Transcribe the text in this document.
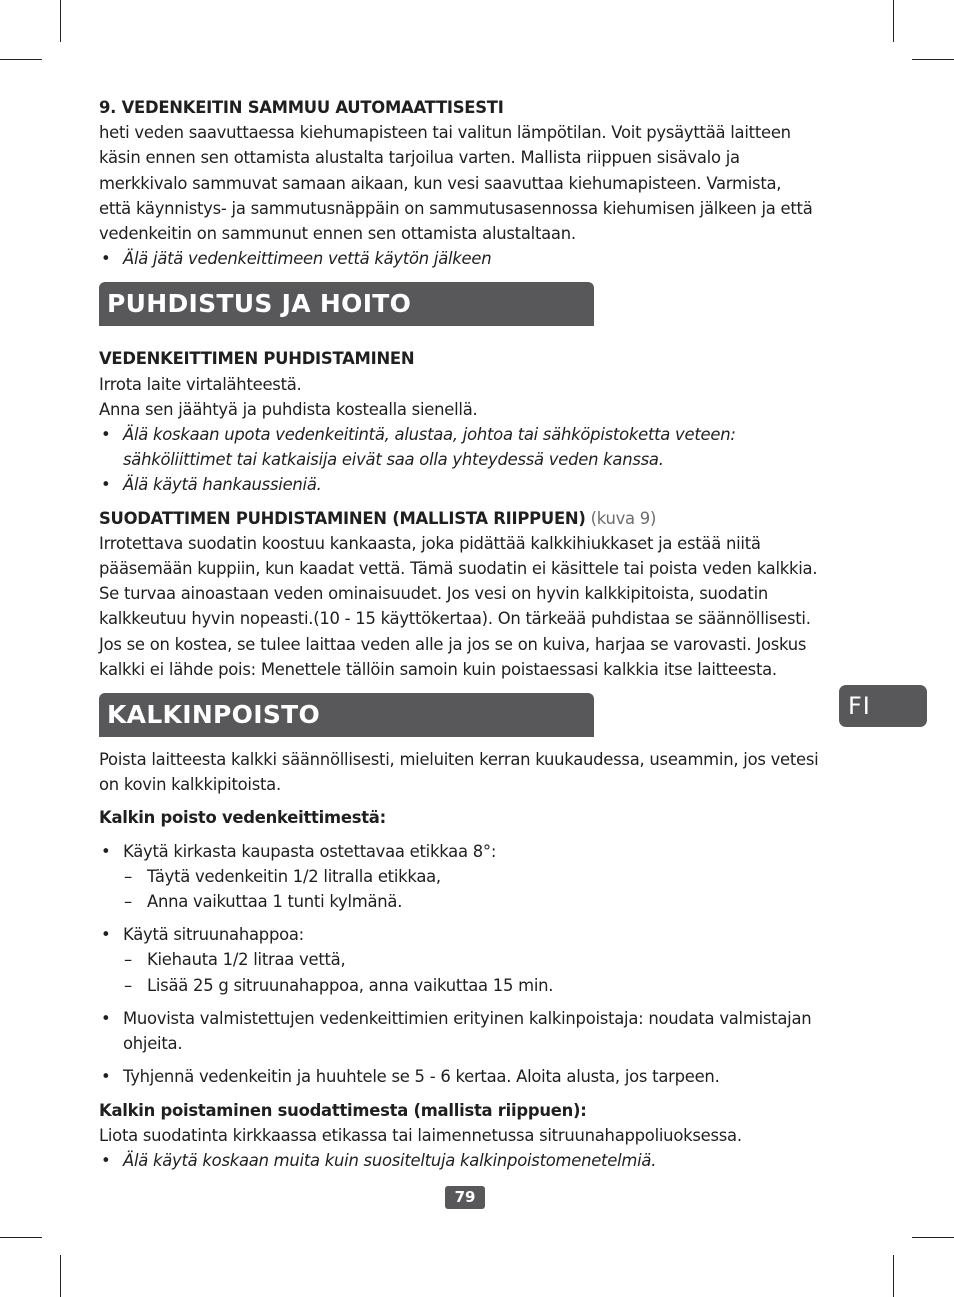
9. VEDENKEITIN SAMMUU AUTOMAATTISESTI

heti veden saavuttaessa kiehumapisteen tai valitun lämpötilan. Voit pysäyttää laitteen

käsin ennen sen ottamista alustalta tarjoilua varten. Mallista riippuen sisävalo ja

merkkivalo sammuvat samaan aikaan, kun vesi saavuttaa kiehumapisteen. Varmista,

että käynnistys- ja sammutusnäppäin on sammutusasennossa kiehumisen jälkeen ja että

vedenkeitin on sammunut ennen sen ottamista alustaltaan.

• Älä jätä vedenkeittimeen vettä käytön jälkeen
PUHDISTUS JA HOITO

VEDENKEITTIMEN PUHDISTAMINEN

Irrota laite virtalähteestä.

Anna sen jäähtyä ja puhdista kostealla sienellä.

• Älä koskaan upota vedenkeitintä, alustaa, johtoa tai sähköpistoketta veteen:
sähköliittimet tai katkaisija eivät saa olla yhteydessä veden kanssa.
• Älä käytä hankaussieniä.

SUODATTIMEN PUHDISTAMINEN (MALLISTA RIIPPUEN) (kuva 9)

Irrotettava suodatin koostuu kankaasta, joka pidättää kalkkihiukkaset ja estää niitä

pääsemään kuppiin, kun kaadat vettä. Tämä suodatin ei käsittele tai poista veden kalkkia.

Se turvaa ainoastaan veden ominaisuudet. Jos vesi on hyvin kalkkipitoista, suodatin

kalkkeutuu hyvin nopeasti.(10 - 15 käyttökertaa). On tärkeää puhdistaa se säännöllisesti.

Jos se on kostea, se tulee laittaa veden alle ja jos se on kuiva, harjaa se varovasti. Joskus

kalkki ei lähde pois: Menettele tällöin samoin kuin poistaessasi kalkkia itse laitteesta.

KALKINPOISTO

Poista laitteesta kalkki säännöllisesti, mieluiten kerran kuukaudessa, useammin, jos vetesi

on kovin kalkkipitoista.

Kalkin poisto vedenkeittimestä:

• Käytä kirkasta kaupasta ostettavaa etikkaa 8°:
– Täytä vedenkeitin 1/2 litralla etikkaa,
– Anna vaikuttaa 1 tunti kylmänä.
• Käytä sitruunahappoa:
– Kiehauta 1/2 litraa vettä,
– Lisää 25 g sitruunahappoa, anna vaikuttaa 15 min.
• Muovista valmistettujen vedenkeittimien erityinen kalkinpoistaja: noudata valmistajan
ohjeita.
• Tyhjennä vedenkeitin ja huuhtele se 5 - 6 kertaa. Aloita alusta, jos tarpeen.

Kalkin poistaminen suodattimesta (mallista riippuen):

Liota suodatinta kirkkaassa etikassa tai laimennetussa sitruunahappoliuoksessa.

• Älä käytä koskaan muita kuin suositeltuja kalkinpoistomenetelmiä.
FI
79
